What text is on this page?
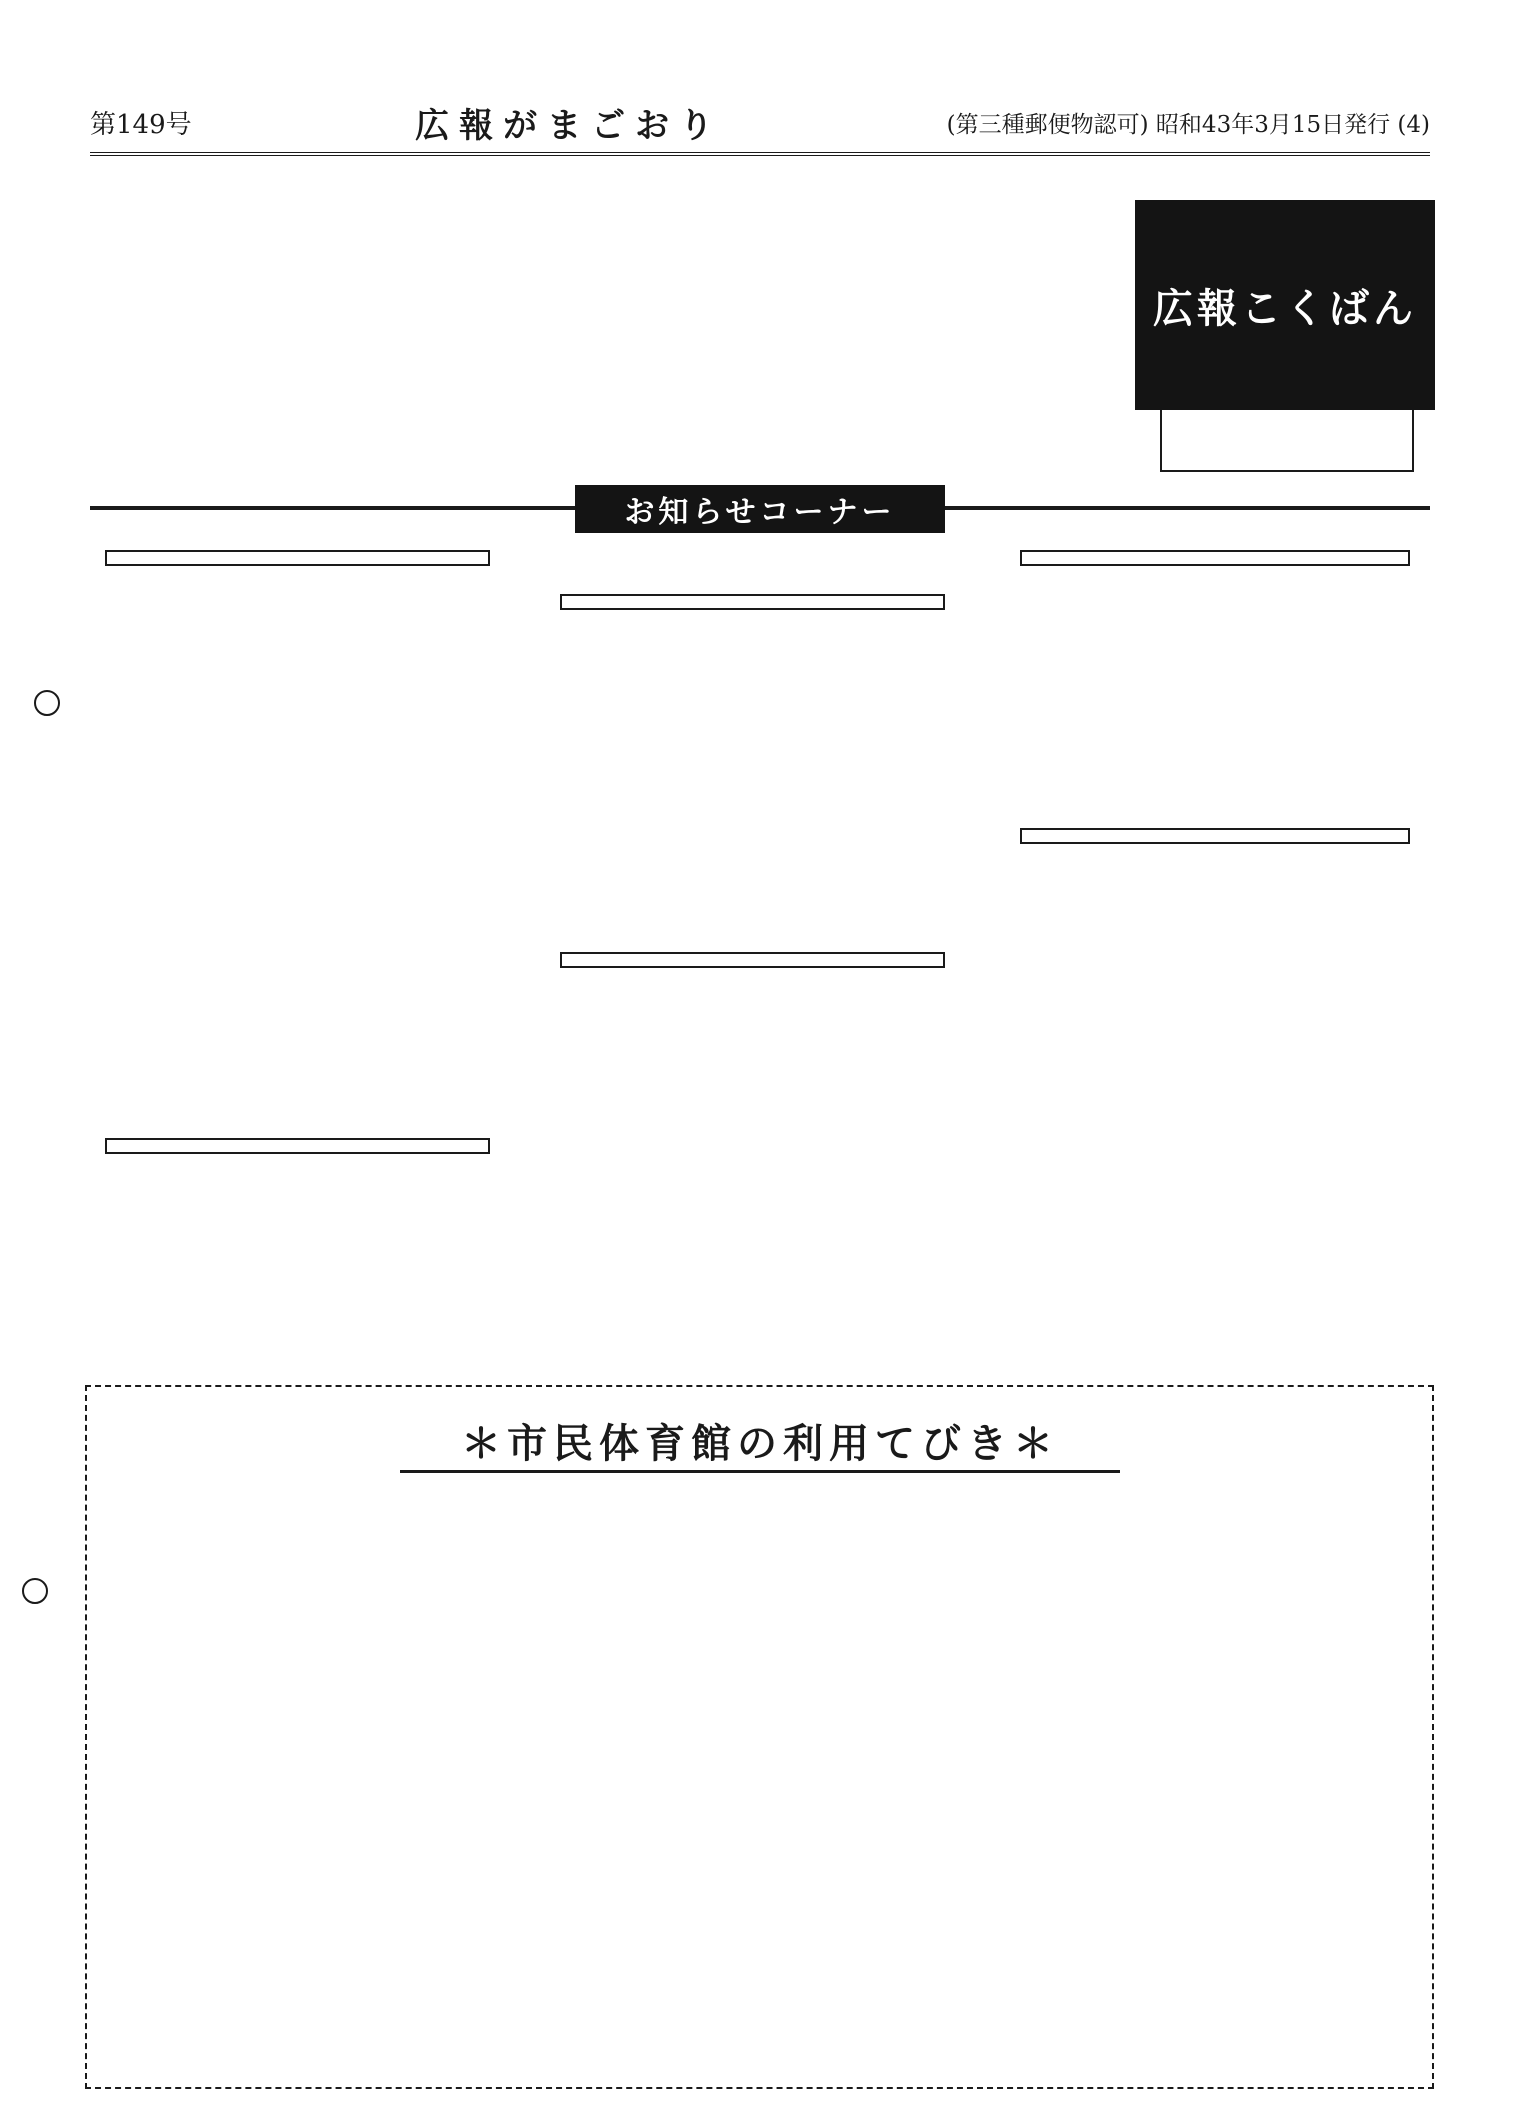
第149号	広報がまごおり	(第三種郵便物認可) 昭和43年3月15日発行 (4)
広報こくばん
お知らせコーナー
＊市民体育館の利用てびき＊
